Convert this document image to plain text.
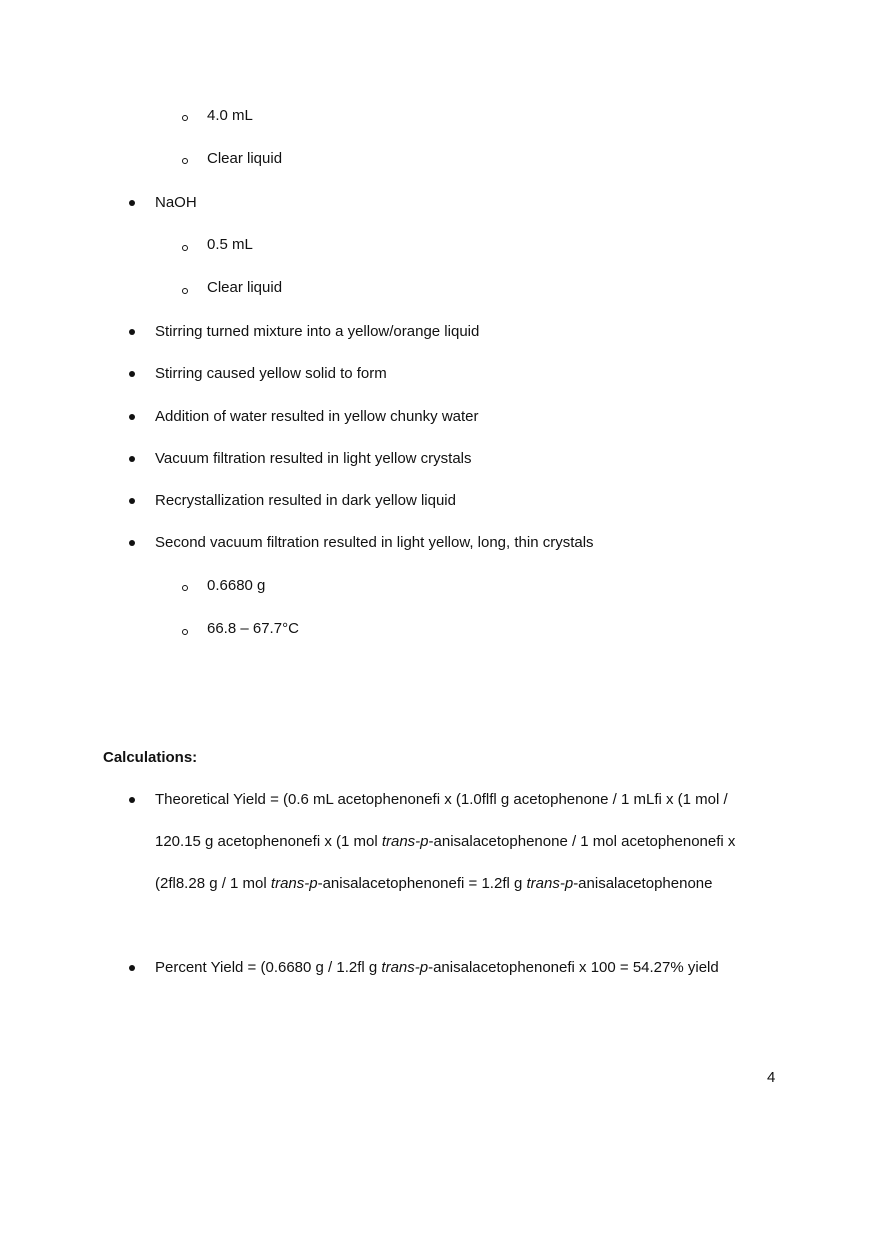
4.0 mL
Clear liquid
NaOH
0.5 mL
Clear liquid
Stirring turned mixture into a yellow/orange liquid
Stirring caused yellow solid to form
Addition of water resulted in yellow chunky water
Vacuum filtration resulted in light yellow crystals
Recrystallization resulted in dark yellow liquid
Second vacuum filtration resulted in light yellow, long, thin crystals
0.6680 g
66.8 – 67.7°C
Calculations:
Theoretical Yield = (0.6 mL acetophenonefi x (1.0flfl g acetophenone / 1 mLfi x (1 mol /
120.15 g acetophenonefi x (1 mol trans-p-anisalacetophenone / 1 mol acetophenonefi x
(2fl8.28 g / 1 mol trans-p-anisalacetophenonefi = 1.2fl g trans-p-anisalacetophenone
Percent Yield = (0.6680 g / 1.2fl g trans-p-anisalacetophenonefi x 100 = 54.27% yield
4
